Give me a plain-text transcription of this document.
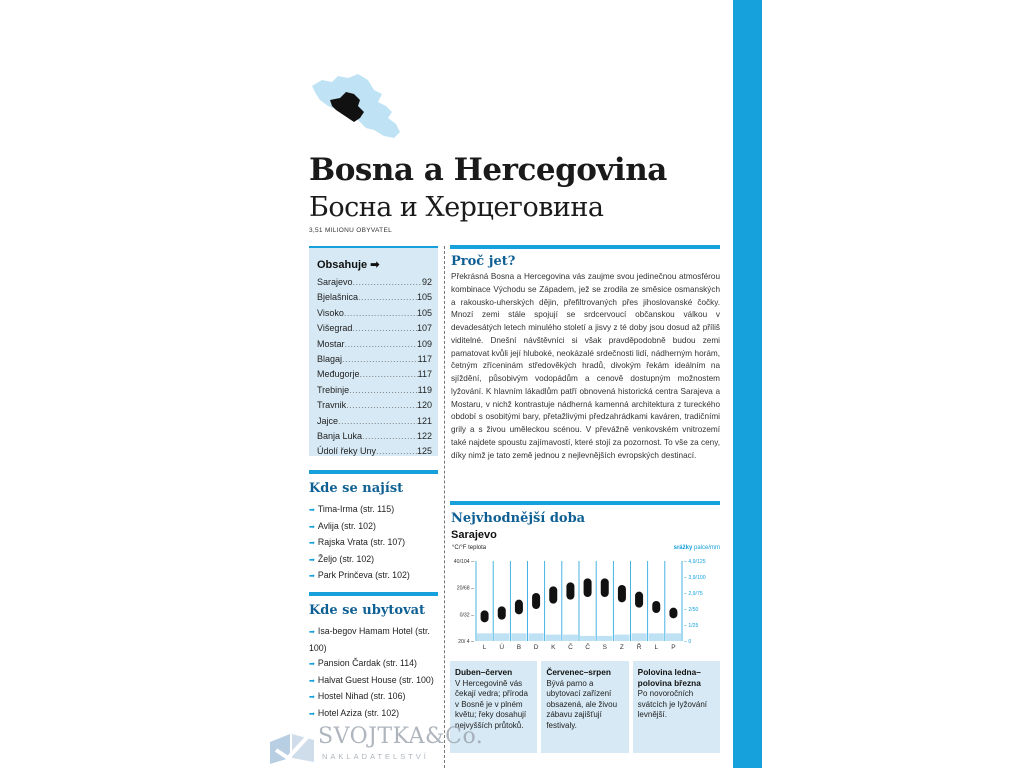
Bosna a Hercegovina
Босна и Херцеговина
3,51 MILIONU OBYVATEL
Obsahuje ➡
Sarajevo .....	92
Bjelašnica .....	105
Visoko .....	105
Višegrad .....	107
Mostar .....	109
Blagaj .....	117
Međugorje .....	117
Trebinje .....	119
Travnik .....	120
Jajce .....	121
Banja Luka .....	122
Údolí řeky Uny .....	125
Kde se najíst
➡ Tima-Irma (str. 115)
➡ Avlija (str. 102)
➡ Rajska Vrata (str. 107)
➡ Željo (str. 102)
➡ Park Prinčeva (str. 102)
Kde se ubytovat
➡ Isa-begov Hamam Hotel (str. 100)
➡ Pansion Čardak (str. 114)
➡ Halvat Guest House (str. 100)
➡ Hostel Nihad (str. 106)
➡ Hotel Aziza (str. 102)
Proč jet?
Překrásná Bosna a Hercegovina vás zaujme svou jedinečnou atmosférou kombinace Východu se Západem, jež se zrodila ze směsice osmanských a rakousko-uherských dějin, přefiltrovaných přes jihoslovanské čočky. Mnozí zemi stále spojují se srdcervoucí občanskou válkou v devadesátých letech minulého století a jisvy z té doby jsou dosud až příliš viditelné. Dnešní návštěvníci si však pravděpodobně budou zemi pamatovat kvůli její hluboké, neokázalé srdečnosti lidí, nádherným horám, četným zříceninám středověkých hradů, divokým řekám ideálním na sjíždění, působivým vodopádům a cenově dostupným možnostem lyžování. K hlavním lákadlům patří obnovená historická centra Sarajeva a Mostaru, v nichž kontrastuje nádherná kamenná architektura z tureckého období s osobitými bary, přetažlivými předzahrádkami kaváren, tradičními grily a s živou uměleckou scénou. V převážně venkovském vnitrozemí také najdete spoustu zajímavostí, které stojí za pozornost. To vše za ceny, díky nimž je tato země jednou z nejlevnějších evropských destinací.
Nejvhodnější doba
Sarajevo
°C/°F teplota	srážky palce/mm
40/104 –
20/68 –
0/32 –
20/ 4 –
– 4,9/125
– 3,9/100
– 2,9/75
– 2/50
– 1/25
– 0
L Ú B D K Č Č S Z Ř L P
Duben–červen
V Hercegovině vás čekají vedra; příroda v Bosně je v plném květu; řeky dosahují nejvyšších průtoků.
Červenec–srpen
Bývá parno a ubytovací zařízení obsazená, ale živou zábavu zajišťují festivaly.
Polovina ledna–polovina března
Po novoročních svátcích je lyžování levnější.
SVOJTKA&Co.
NAKLADATELSTVÍ
